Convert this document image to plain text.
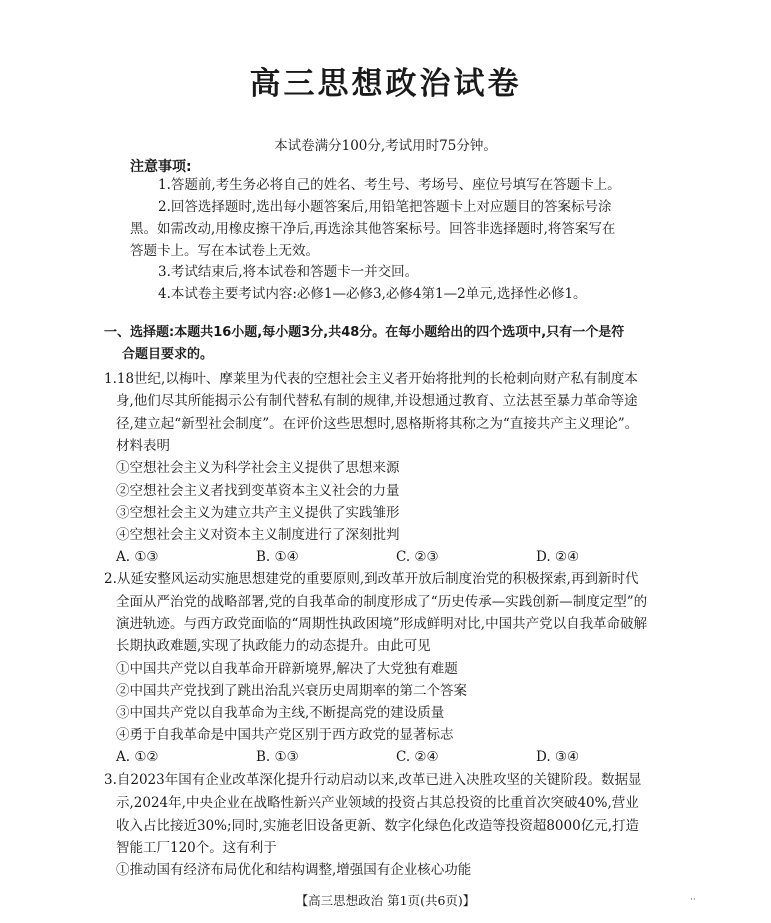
高三思想政治试卷
本试卷满分100分,考试用时75分钟。
注意事项:
1.答题前,考生务必将自己的姓名、考生号、考场号、座位号填写在答题卡上。
2.回答选择题时,选出每小题答案后,用铅笔把答题卡上对应题目的答案标号涂
黑。如需改动,用橡皮擦干净后,再选涂其他答案标号。回答非选择题时,将答案写在
答题卡上。写在本试卷上无效。
3.考试结束后,将本试卷和答题卡一并交回。
4.本试卷主要考试内容:必修1—必修3,必修4第1—2单元,选择性必修1。
一、选择题:本题共16小题,每小题3分,共48分。在每小题给出的四个选项中,只有一个是符
合题目要求的。
1.18世纪,以梅叶、摩莱里为代表的空想社会主义者开始将批判的长枪刺向财产私有制度本
身,他们尽其所能揭示公有制代替私有制的规律,并设想通过教育、立法甚至暴力革命等途
径,建立起“新型社会制度”。在评价这些思想时,恩格斯将其称之为“直接共产主义理论”。
材料表明
①空想社会主义为科学社会主义提供了思想来源
②空想社会主义者找到变革资本主义社会的力量
③空想社会主义为建立共产主义提供了实践雏形
④空想社会主义对资本主义制度进行了深刻批判
A. ①③	B. ①④	C. ②③	D. ②④
2.从延安整风运动实施思想建党的重要原则,到改革开放后制度治党的积极探索,再到新时代
全面从严治党的战略部署,党的自我革命的制度形成了“历史传承—实践创新—制度定型”的
演进轨迹。与西方政党面临的“周期性执政困境”形成鲜明对比,中国共产党以自我革命破解
长期执政难题,实现了执政能力的动态提升。由此可见
①中国共产党以自我革命开辟新境界,解决了大党独有难题
②中国共产党找到了跳出治乱兴衰历史周期率的第二个答案
③中国共产党以自我革命为主线,不断提高党的建设质量
④勇于自我革命是中国共产党区别于西方政党的显著标志
A. ①②	B. ①③	C. ②④	D. ③④
3.自2023年国有企业改革深化提升行动启动以来,改革已进入决胜攻坚的关键阶段。数据显
示,2024年,中央企业在战略性新兴产业领域的投资占其总投资的比重首次突破40%,营业
收入占比接近30%;同时,实施老旧设备更新、数字化绿色化改造等投资超8000亿元,打造
智能工厂120个。这有利于
①推动国有经济布局优化和结构调整,增强国有企业核心功能
【高三思想政治 第1页(共6页)】	··
